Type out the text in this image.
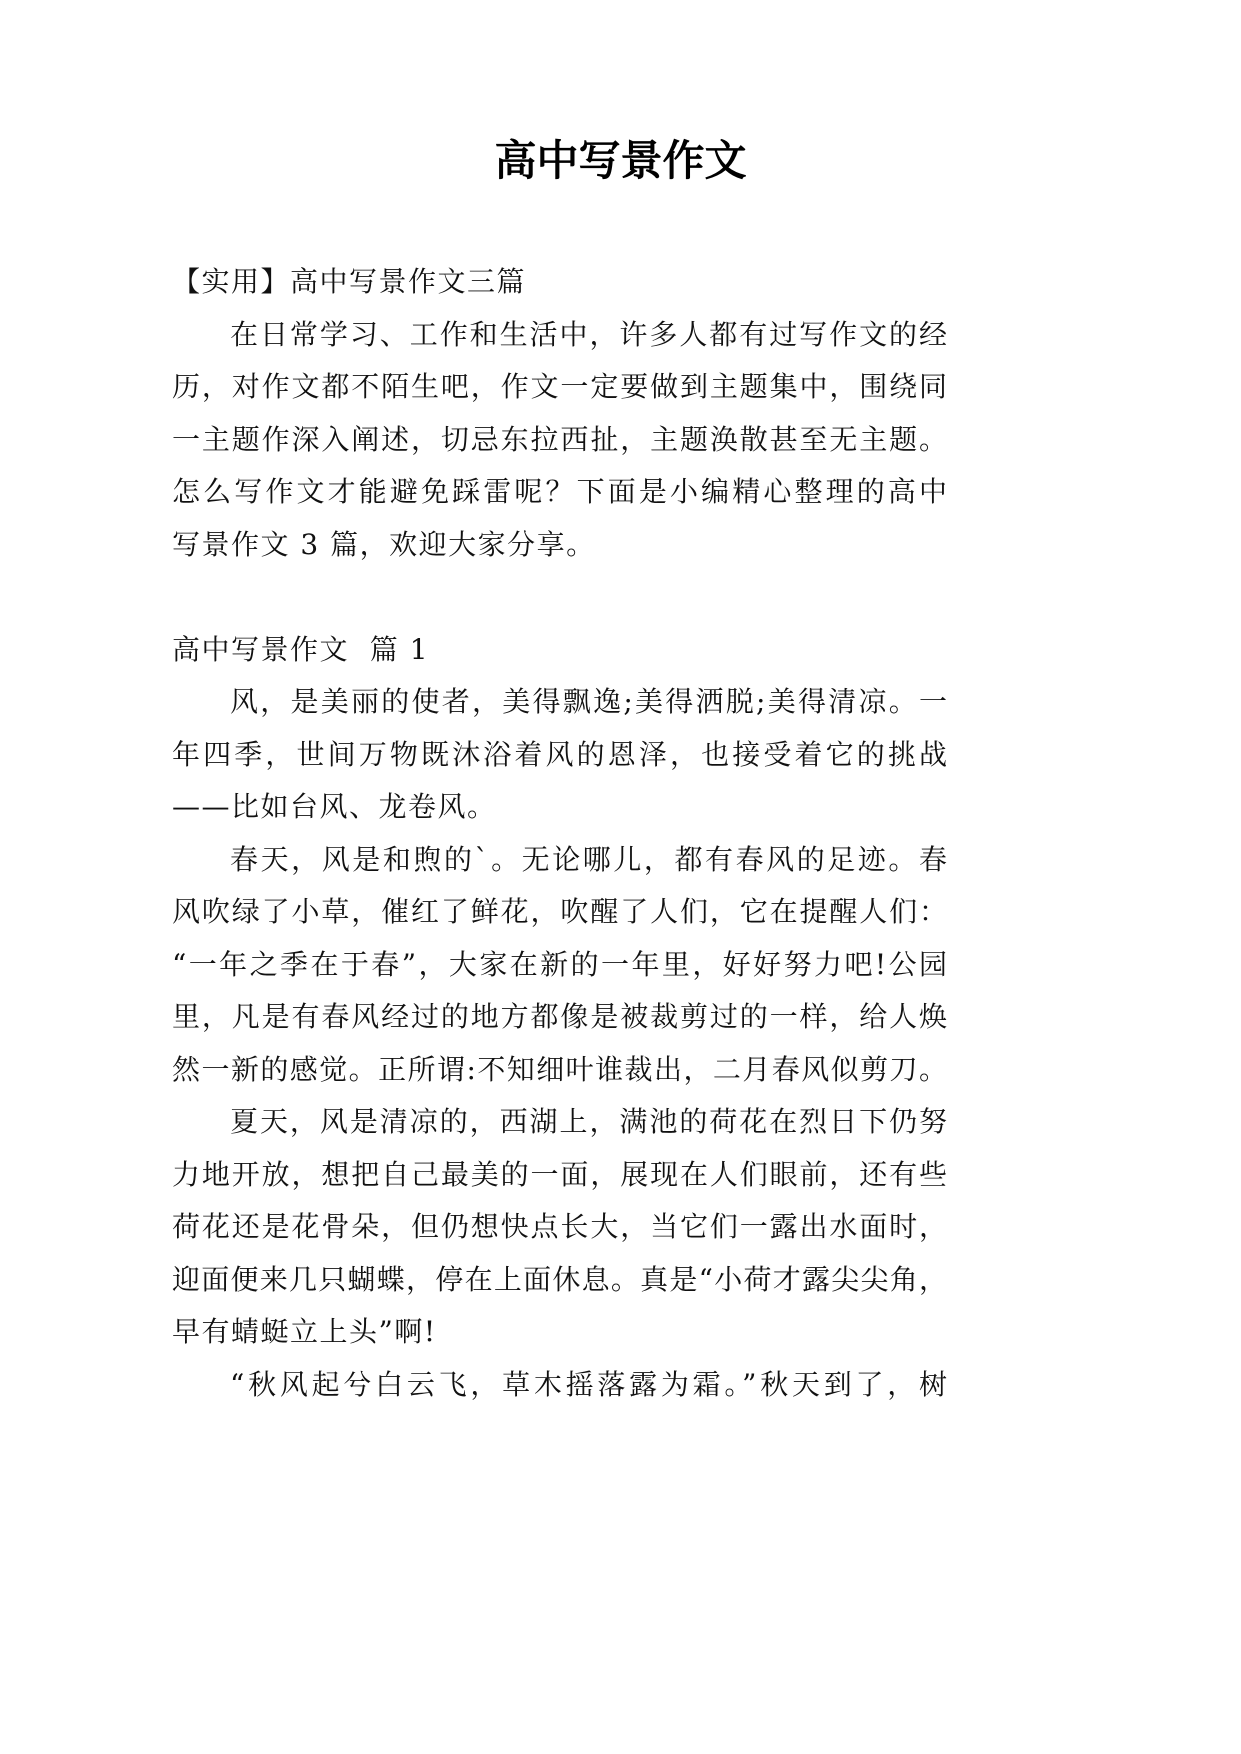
高中写景作文
【实用】高中写景作文三篇
在日常学习、工作和生活中，许多人都有过写作文的经
历，对作文都不陌生吧，作文一定要做到主题集中，围绕同
一主题作深入阐述，切忌东拉西扯，主题涣散甚至无主题。
怎么写作文才能避免踩雷呢？下面是小编精心整理的高中
写景作文 3 篇，欢迎大家分享。
高中写景作文  篇 1
风，是美丽的使者，美得飘逸;美得洒脱;美得清凉。一
年四季，世间万物既沐浴着风的恩泽，也接受着它的挑战
——比如台风、龙卷风。
春天，风是和煦的`。无论哪儿，都有春风的足迹。春
风吹绿了小草，催红了鲜花，吹醒了人们，它在提醒人们：
“一年之季在于春”，大家在新的一年里，好好努力吧!公园
里，凡是有春风经过的地方都像是被裁剪过的一样，给人焕
然一新的感觉。正所谓:不知细叶谁裁出，二月春风似剪刀。
夏天，风是清凉的，西湖上，满池的荷花在烈日下仍努
力地开放，想把自己最美的一面，展现在人们眼前，还有些
荷花还是花骨朵，但仍想快点长大，当它们一露出水面时，
迎面便来几只蝴蝶，停在上面休息。真是“小荷才露尖尖角，
早有蜻蜓立上头”啊!
“秋风起兮白云飞，草木摇落露为霜。”秋天到了，树
